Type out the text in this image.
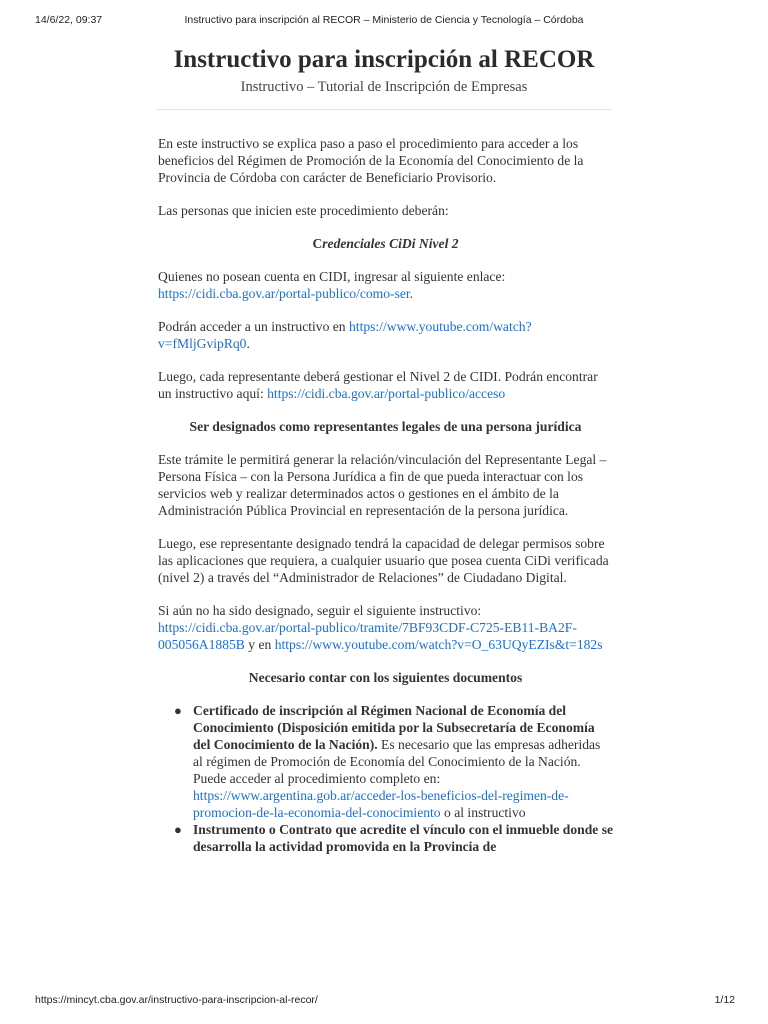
14/6/22, 09:37	Instructivo para inscripción al RECOR – Ministerio de Ciencia y Tecnología – Córdoba
Instructivo para inscripción al RECOR
Instructivo – Tutorial de Inscripción de Empresas

En este instructivo se explica paso a paso el procedimiento para acceder a los beneficios del Régimen de Promoción de la Economía del Conocimiento de la Provincia de Córdoba con carácter de Beneficiario Provisorio.

Las personas que inicien este procedimiento deberán:

Credenciales CiDi Nivel 2

Quienes no posean cuenta en CIDI, ingresar al siguiente enlace: https://cidi.cba.gov.ar/portal-publico/como-ser.

Podrán acceder a un instructivo en https://www.youtube.com/watch?v=fMljGvipRq0.

Luego, cada representante deberá gestionar el Nivel 2 de CIDI. Podrán encontrar un instructivo aquí: https://cidi.cba.gov.ar/portal-publico/acceso

Ser designados como representantes legales de una persona jurídica

Este trámite le permitirá generar la relación/vinculación del Representante Legal – Persona Física – con la Persona Jurídica a fin de que pueda interactuar con los servicios web y realizar determinados actos o gestiones en el ámbito de la Administración Pública Provincial en representación de la persona jurídica.

Luego, ese representante designado tendrá la capacidad de delegar permisos sobre las aplicaciones que requiera, a cualquier usuario que posea cuenta CiDi verificada (nivel 2) a través del “Administrador de Relaciones” de Ciudadano Digital.

Si aún no ha sido designado, seguir el siguiente instructivo: https://cidi.cba.gov.ar/portal-publico/tramite/7BF93CDF-C725-EB11-BA2F-005056A1885B y en https://www.youtube.com/watch?v=O_63UQyEZIs&t=182s

Necesario contar con los siguientes documentos

● Certificado de inscripción al Régimen Nacional de Economía del Conocimiento (Disposición emitida por la Subsecretaría de Economía del Conocimiento de la Nación). Es necesario que las empresas adheridas al régimen de Promoción de Economía del Conocimiento de la Nación. Puede acceder al procedimiento completo en: https://www.argentina.gob.ar/acceder-los-beneficios-del-regimen-de-promocion-de-la-economia-del-conocimiento o al instructivo
● Instrumento o Contrato que acredite el vínculo con el inmueble donde se desarrolla la actividad promovida en la Provincia de
https://mincyt.cba.gov.ar/instructivo-para-inscripcion-al-recor/	1/12
